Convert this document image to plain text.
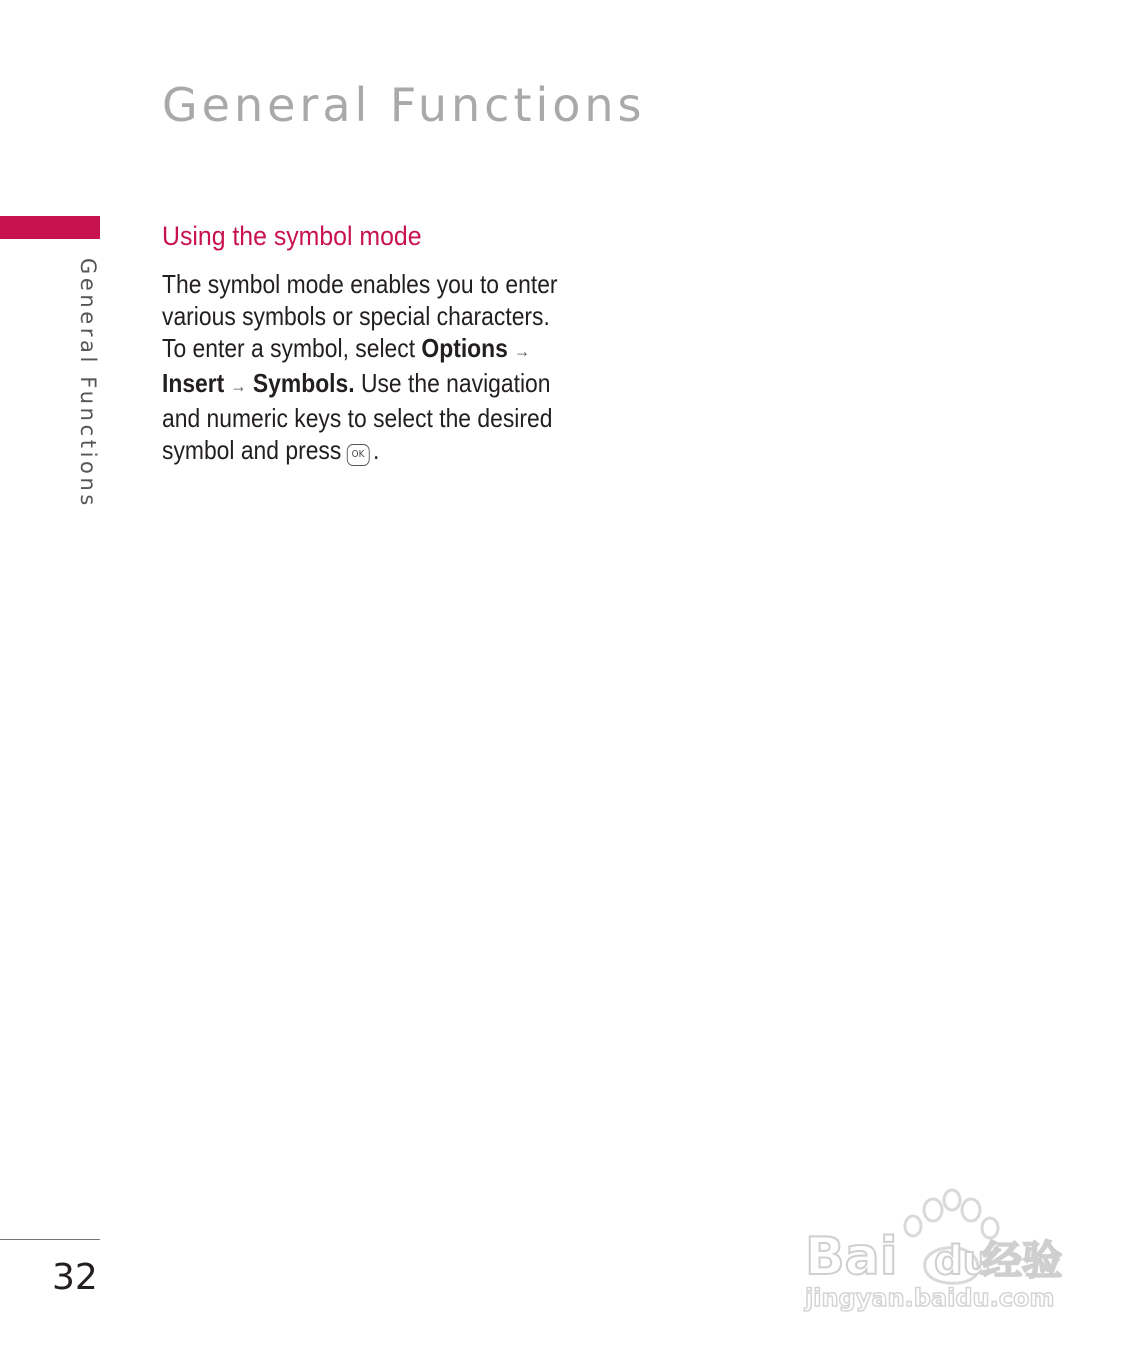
General Functions
General Functions
Using the symbol mode
The symbol mode enables you to enter
various symbols or special characters.
To enter a symbol, select Options →
Insert → Symbols. Use the navigation
and numeric keys to select the desired
symbol and press OK .
32	Bai du
经验
jingyan.baidu.com
